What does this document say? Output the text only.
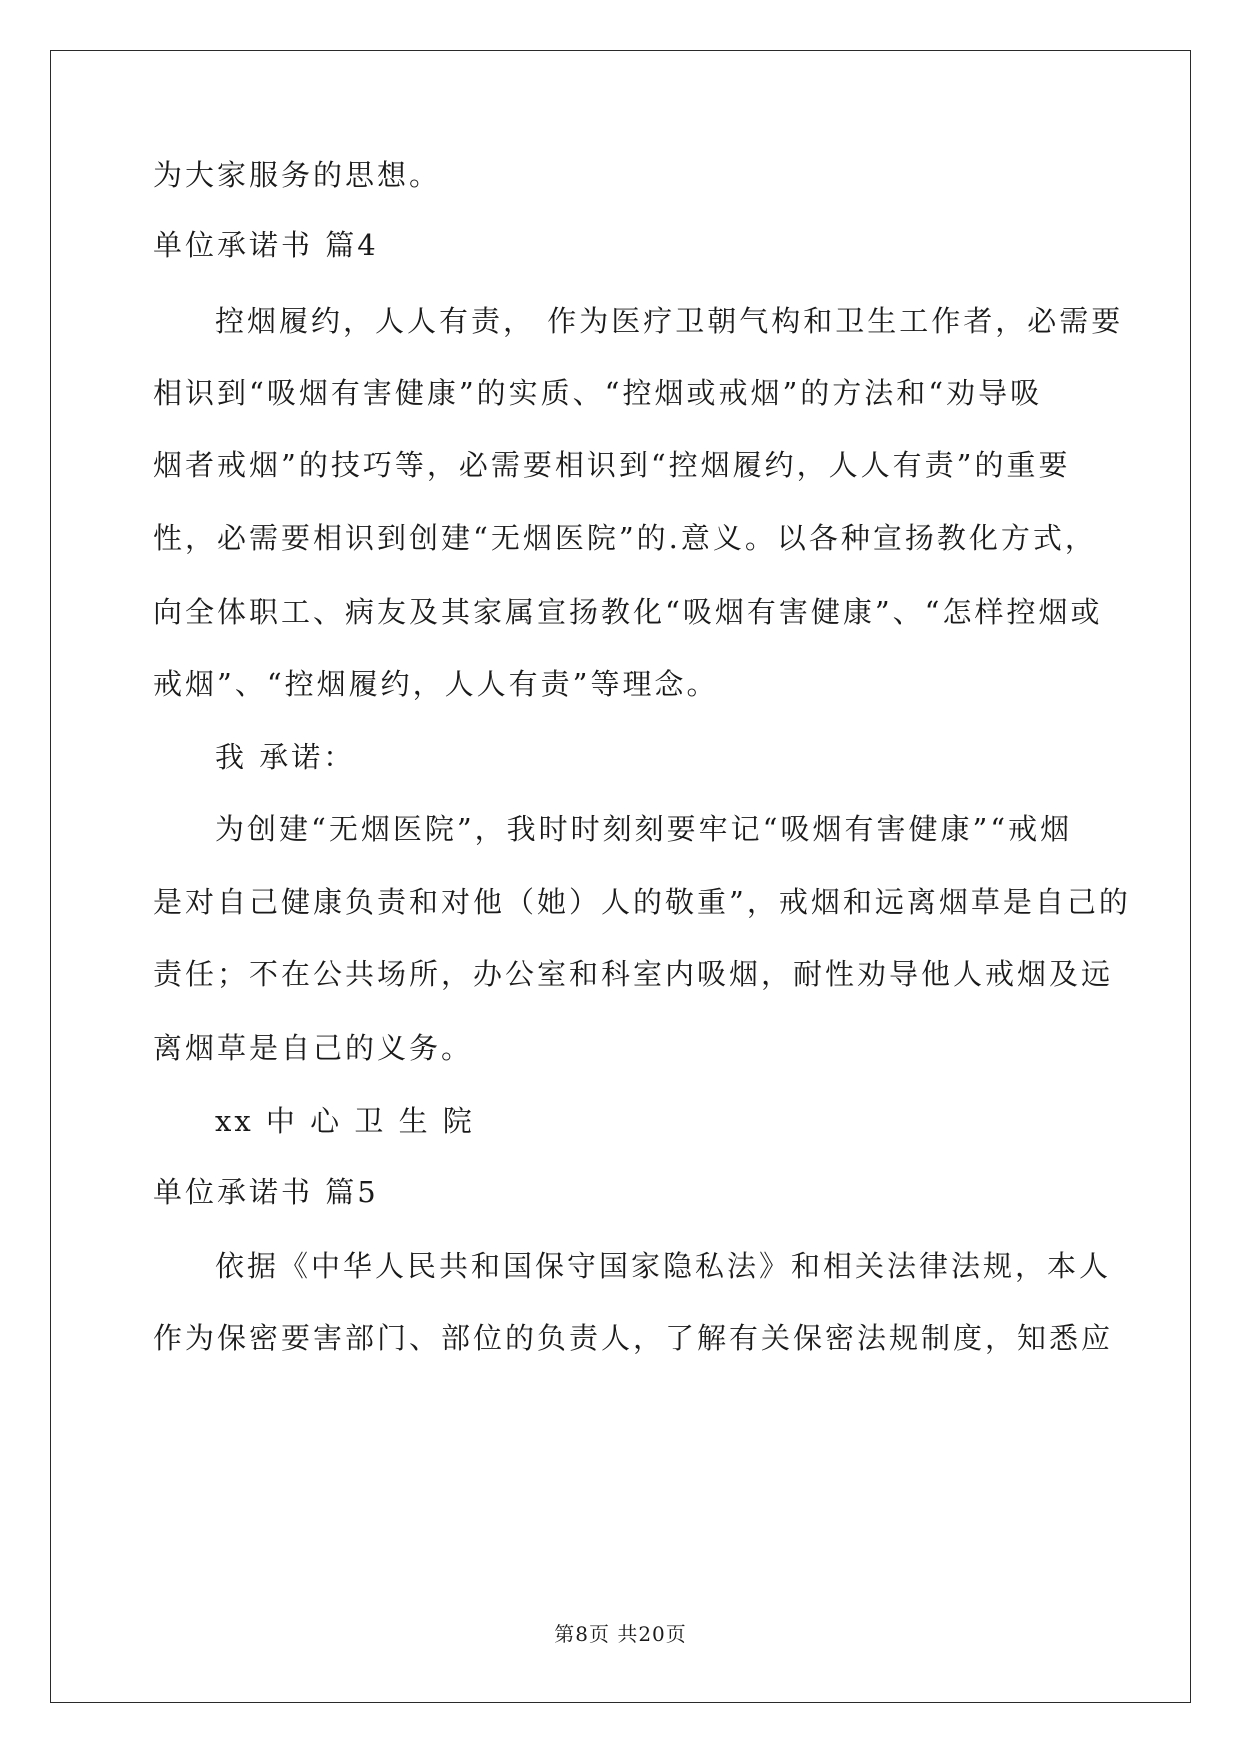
为大家服务的思想。
单位承诺书 篇4
控烟履约，人人有责， 作为医疗卫朝气构和卫生工作者，必需要
相识到“吸烟有害健康”的实质、“控烟或戒烟”的方法和“劝导吸
烟者戒烟”的技巧等，必需要相识到“控烟履约，人人有责”的重要
性，必需要相识到创建“无烟医院”的.意义。以各种宣扬教化方式，
向全体职工、病友及其家属宣扬教化“吸烟有害健康”、“怎样控烟或
戒烟”、“控烟履约，人人有责”等理念。
我 承诺：
为创建“无烟医院”，我时时刻刻要牢记“吸烟有害健康”“戒烟
是对自己健康负责和对他（她）人的敬重”，戒烟和远离烟草是自己的
责任；不在公共场所，办公室和科室内吸烟，耐性劝导他人戒烟及远
离烟草是自己的义务。
xx 中 心 卫 生 院
单位承诺书 篇5
依据《中华人民共和国保守国家隐私法》和相关法律法规，本人
作为保密要害部门、部位的负责人，了解有关保密法规制度，知悉应
第8页 共20页
